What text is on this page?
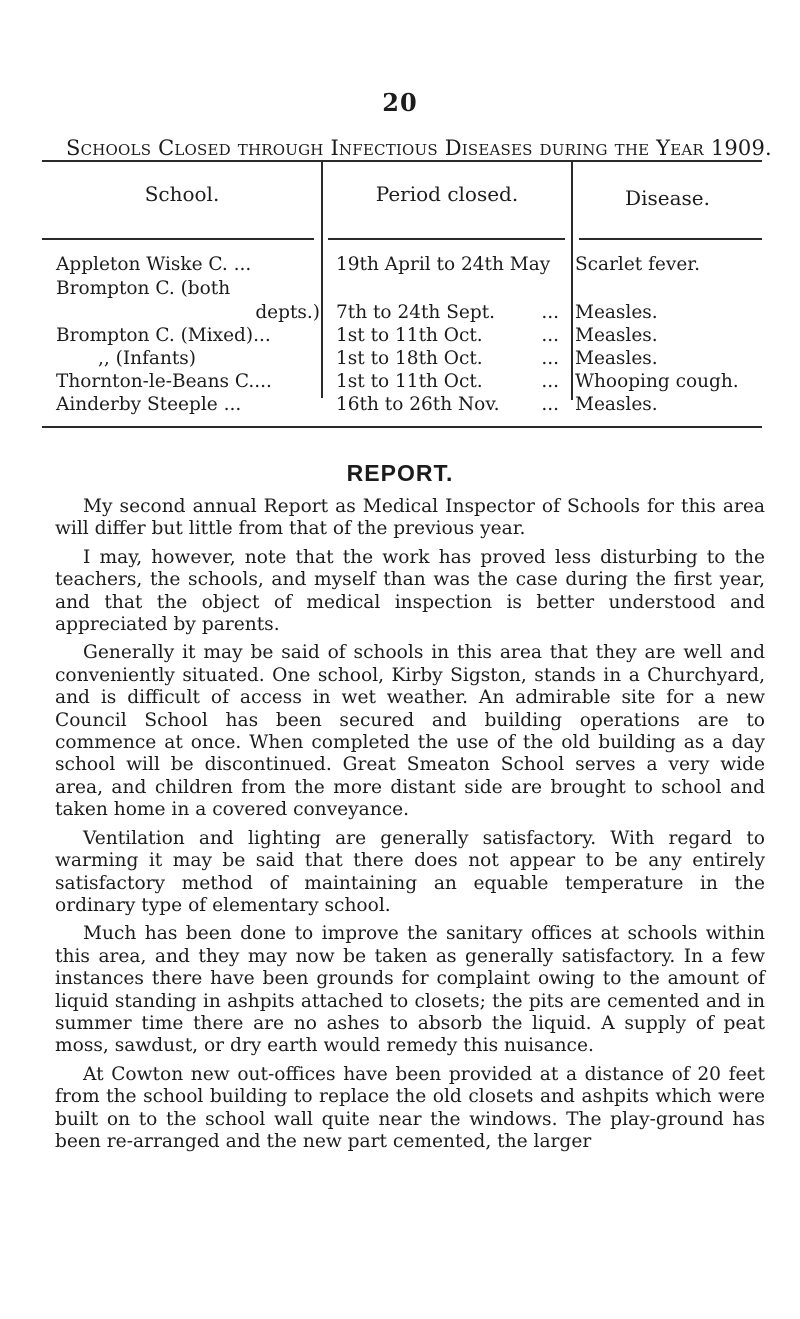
20
Schools Closed through Infectious Diseases during the Year 1909.
School.	Period closed.	Disease.
Appleton Wiske C. ...	19th April to 24th May	Scarlet fever.
Brompton C. (both
depts.) 7th to 24th Sept.	... Measles.
Brompton C. (Mixed)...	1st to 11th Oct.	... Measles.
,, (Infants)	1st to 18th Oct.	... Measles.
Thornton-le-Beans C....	1st to 11th Oct.	... Whooping cough.
Ainderby Steeple ...	16th to 26th Nov. ... Measles.
REPORT.

My second annual Report as Medical Inspector of Schools for this area will differ but little from that of the previous year.

I may, however, note that the work has proved less disturbing to the teachers, the schools, and myself than was the case during the first year, and that the object of medical inspection is better understood and appreciated by parents.

Generally it may be said of schools in this area that they are well and conveniently situated. One school, Kirby Sigston, stands in a Churchyard, and is difficult of access in wet weather. An admirable site for a new Council School has been secured and building operations are to commence at once. When completed the use of the old building as a day school will be discontinued. Great Smeaton School serves a very wide area, and children from the more distant side are brought to school and taken home in a covered conveyance.

Ventilation and lighting are generally satisfactory. With regard to warming it may be said that there does not appear to be any entirely satisfactory method of maintaining an equable temperature in the ordinary type of elementary school.

Much has been done to improve the sanitary offices at schools within this area, and they may now be taken as generally satisfactory. In a few instances there have been grounds for complaint owing to the amount of liquid standing in ashpits attached to closets; the pits are cemented and in summer time there are no ashes to absorb the liquid. A supply of peat moss, sawdust, or dry earth would remedy this nuisance.

At Cowton new out-offices have been provided at a distance of 20 feet from the school building to replace the old closets and ashpits which were built on to the school wall quite near the windows. The play-ground has been re-arranged and the new part cemented, the larger
